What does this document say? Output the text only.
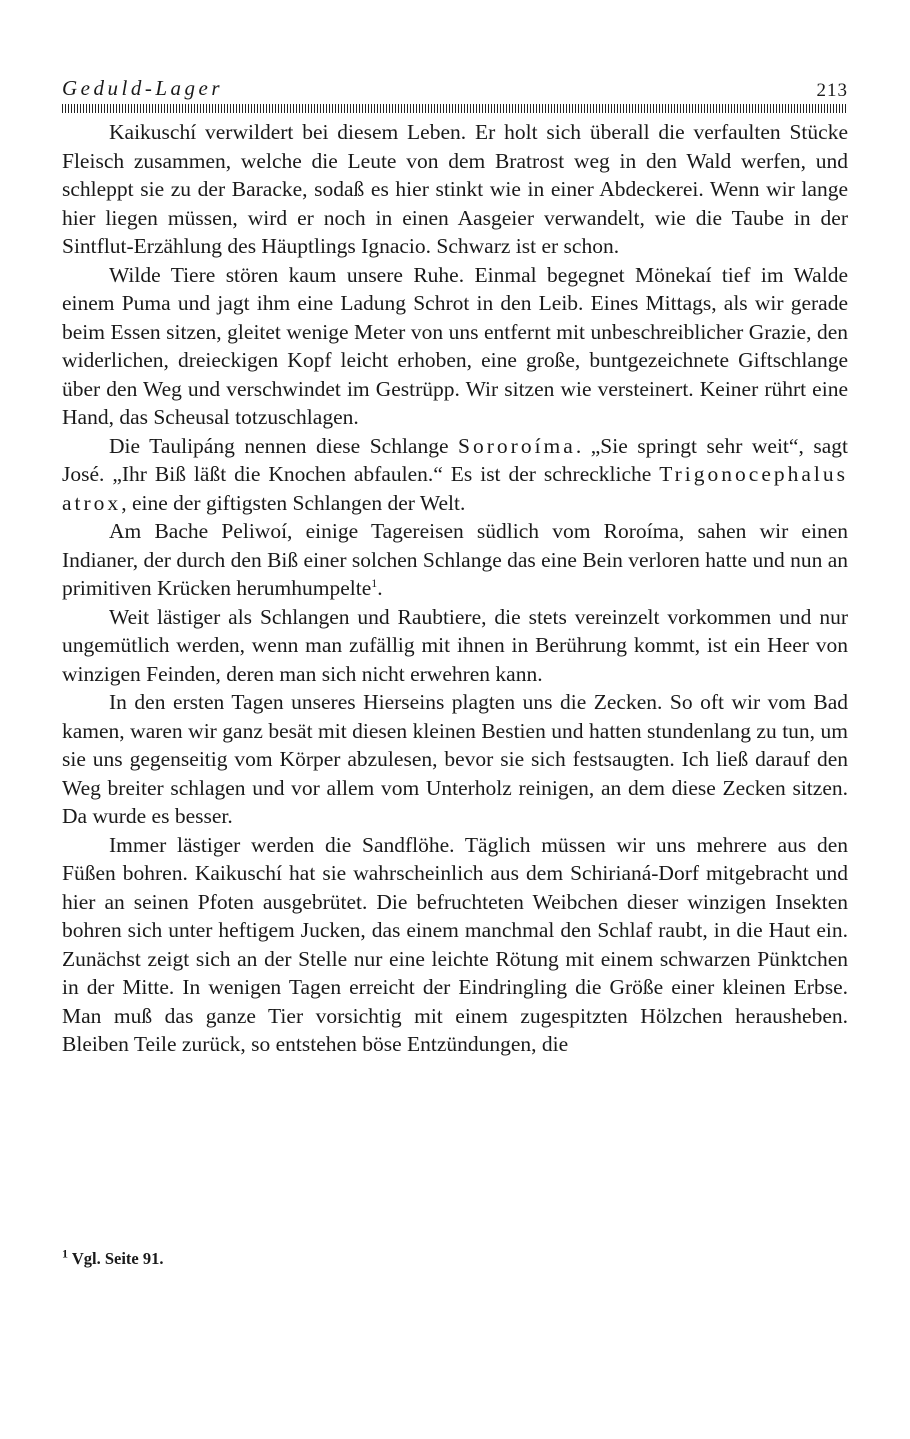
Geduld-Lager	213

Kaikuschí verwildert bei diesem Leben. Er holt sich überall die verfaulten Stücke Fleisch zusammen, welche die Leute von dem Bratrost weg in den Wald werfen, und schleppt sie zu der Baracke, sodaß es hier stinkt wie in einer Abdeckerei. Wenn wir lange hier liegen müssen, wird er noch in einen Aasgeier verwandelt, wie die Taube in der Sintflut-Erzählung des Häuptlings Ignacio. Schwarz ist er schon.

Wilde Tiere stören kaum unsere Ruhe. Einmal begegnet Mönekaí tief im Walde einem Puma und jagt ihm eine Ladung Schrot in den Leib. Eines Mittags, als wir gerade beim Essen sitzen, gleitet wenige Meter von uns entfernt mit unbeschreiblicher Grazie, den widerlichen, dreieckigen Kopf leicht erhoben, eine große, buntgezeichnete Giftschlange über den Weg und verschwindet im Gestrüpp. Wir sitzen wie versteinert. Keiner rührt eine Hand, das Scheusal totzuschlagen.

Die Taulipáng nennen diese Schlange Sororoíma. „Sie springt sehr weit“, sagt José. „Ihr Biß läßt die Knochen abfaulen.“ Es ist der schreckliche Trigonocephalus atrox, eine der giftigsten Schlangen der Welt.

Am Bache Peliwoí, einige Tagereisen südlich vom Roroíma, sahen wir einen Indianer, der durch den Biß einer solchen Schlange das eine Bein verloren hatte und nun an primitiven Krücken herumhumpelte$^1$.

Weit lästiger als Schlangen und Raubtiere, die stets vereinzelt vorkommen und nur ungemütlich werden, wenn man zufällig mit ihnen in Berührung kommt, ist ein Heer von winzigen Feinden, deren man sich nicht erwehren kann.

In den ersten Tagen unseres Hierseins plagten uns die Zecken. So oft wir vom Bad kamen, waren wir ganz besät mit diesen kleinen Bestien und hatten stundenlang zu tun, um sie uns gegenseitig vom Körper abzulesen, bevor sie sich festsaugten. Ich ließ darauf den Weg breiter schlagen und vor allem vom Unterholz reinigen, an dem diese Zecken sitzen. Da wurde es besser.

Immer lästiger werden die Sandflöhe. Täglich müssen wir uns mehrere aus den Füßen bohren. Kaikuschí hat sie wahrscheinlich aus dem Schirianá-Dorf mitgebracht und hier an seinen Pfoten ausgebrütet. Die befruchteten Weibchen dieser winzigen Insekten bohren sich unter heftigem Jucken, das einem manchmal den Schlaf raubt, in die Haut ein. Zunächst zeigt sich an der Stelle nur eine leichte Rötung mit einem schwarzen Pünktchen in der Mitte. In wenigen Tagen erreicht der Eindringling die Größe einer kleinen Erbse. Man muß das ganze Tier vorsichtig mit einem zugespitzten Hölzchen herausheben. Bleiben Teile zurück, so entstehen böse Entzündungen, die

$^1$ Vgl. Seite 91.
